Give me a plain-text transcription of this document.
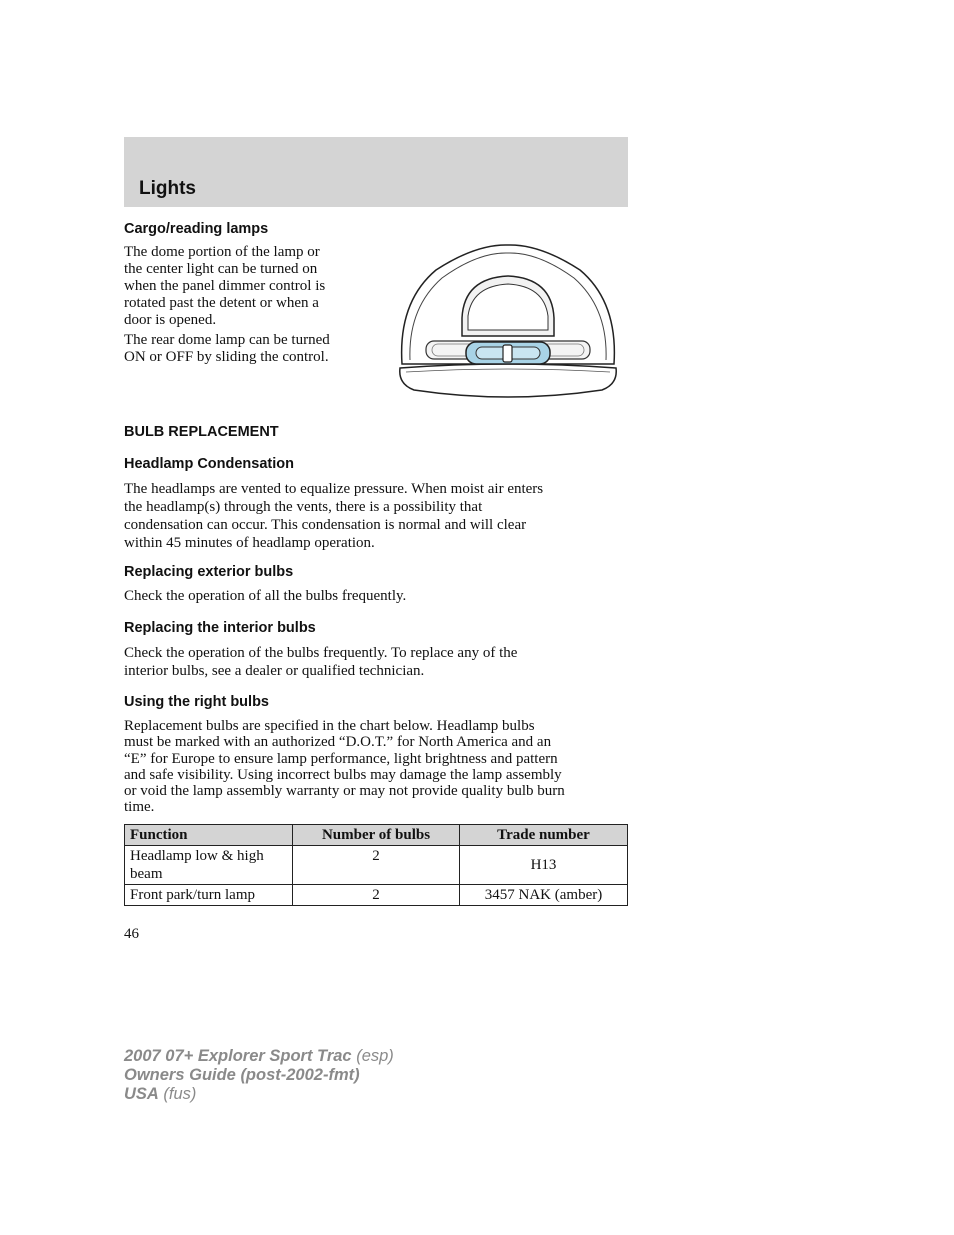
Lights
Cargo/reading lamps
The dome portion of the lamp or
the center light can be turned on
when the panel dimmer control is
rotated past the detent or when a
door is opened.
The rear dome lamp can be turned
ON or OFF by sliding the control.
BULB REPLACEMENT
Headlamp Condensation
The headlamps are vented to equalize pressure. When moist air enters
the headlamp(s) through the vents, there is a possibility that
condensation can occur. This condensation is normal and will clear
within 45 minutes of headlamp operation.
Replacing exterior bulbs
Check the operation of all the bulbs frequently.
Replacing the interior bulbs
Check the operation of the bulbs frequently. To replace any of the
interior bulbs, see a dealer or qualified technician.
Using the right bulbs
Replacement bulbs are specified in the chart below. Headlamp bulbs
must be marked with an authorized “D.O.T.” for North America and an
“E” for Europe to ensure lamp performance, light brightness and pattern
and safe visibility. Using incorrect bulbs may damage the lamp assembly
or void the lamp assembly warranty or may not provide quality bulb burn
time.
Function	Number of bulbs	Trade number

Headlamp low & high
beam	2	H13

Front park/turn lamp	2	3457 NAK (amber)
46
2007 07+ Explorer Sport Trac (esp)
Owners Guide (post-2002-fmt)
USA (fus)
